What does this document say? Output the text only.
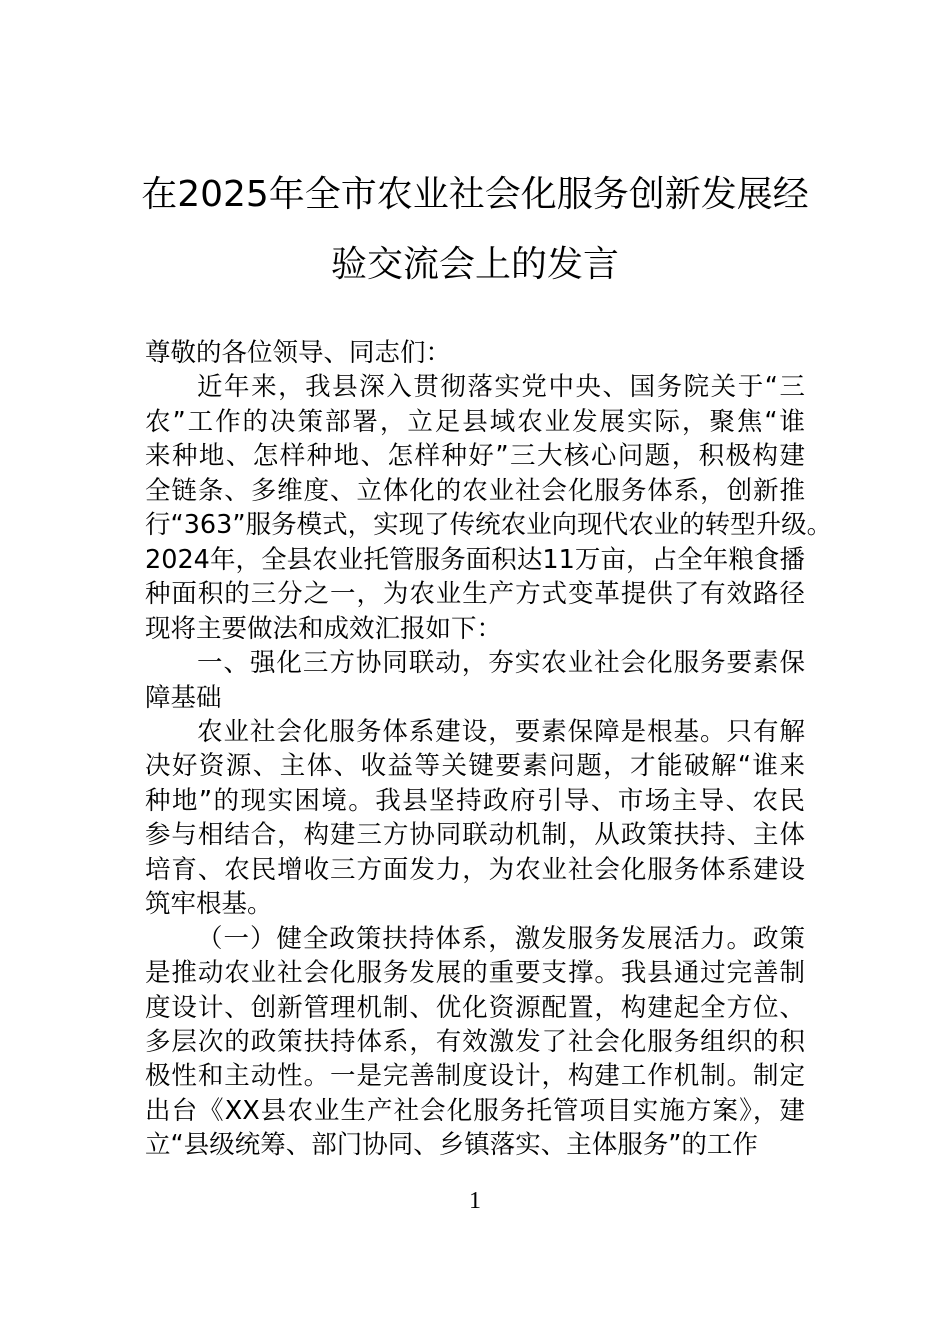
在2025年全市农业社会化服务创新发展经
验交流会上的发言
尊敬的各位领导、同志们：
近年来，我县深入贯彻落实党中央、国务院关于“三
农”工作的决策部署，立足县域农业发展实际，聚焦“谁
来种地、怎样种地、怎样种好”三大核心问题，积极构建
全链条、多维度、立体化的农业社会化服务体系，创新推
行“363”服务模式，实现了传统农业向现代农业的转型升级。
2024年，全县农业托管服务面积达11万亩，占全年粮食播
种面积的三分之一，为农业生产方式变革提供了有效路径
现将主要做法和成效汇报如下：
一、强化三方协同联动，夯实农业社会化服务要素保
障基础
农业社会化服务体系建设，要素保障是根基。只有解
决好资源、主体、收益等关键要素问题，才能破解“谁来
种地”的现实困境。我县坚持政府引导、市场主导、农民
参与相结合，构建三方协同联动机制，从政策扶持、主体
培育、农民增收三方面发力，为农业社会化服务体系建设
筑牢根基。
（一）健全政策扶持体系，激发服务发展活力。政策
是推动农业社会化服务发展的重要支撑。我县通过完善制
度设计、创新管理机制、优化资源配置，构建起全方位、
多层次的政策扶持体系，有效激发了社会化服务组织的积
极性和主动性。一是完善制度设计，构建工作机制。制定
出台《XX县农业生产社会化服务托管项目实施方案》，建
立“县级统筹、部门协同、乡镇落实、主体服务”的工作
1
